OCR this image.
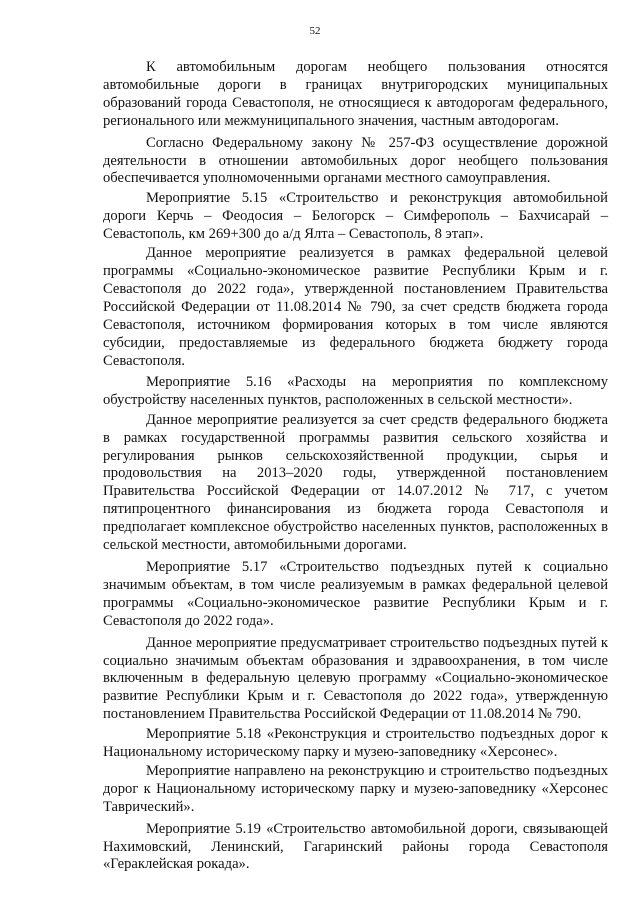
52

К автомобильным дорогам необщего пользования относятся автомобильные дороги в границах внутригородских муниципальных образований города Севастополя, не относящиеся к автодорогам федерального, регионального или межмуниципального значения, частным автодорогам.

Согласно Федеральному закону № 257-ФЗ осуществление дорожной деятельности в отношении автомобильных дорог необщего пользования обеспечивается уполномоченными органами местного самоуправления.

Мероприятие 5.15 «Строительство и реконструкция автомобильной дороги Керчь – Феодосия – Белогорск – Симферополь – Бахчисарай – Севастополь, км 269+300 до а/д Ялта – Севастополь, 8 этап».

Данное мероприятие реализуется в рамках федеральной целевой программы «Социально-экономическое развитие Республики Крым и г. Севастополя до 2022 года», утвержденной постановлением Правительства Российской Федерации от 11.08.2014 № 790, за счет средств бюджета города Севастополя, источником формирования которых в том числе являются субсидии, предоставляемые из федерального бюджета бюджету города Севастополя.

Мероприятие 5.16 «Расходы на мероприятия по комплексному обустройству населенных пунктов, расположенных в сельской местности».

Данное мероприятие реализуется за счет средств федерального бюджета в рамках государственной программы развития сельского хозяйства и регулирования рынков сельскохозяйственной продукции, сырья и продовольствия на 2013–2020 годы, утвержденной постановлением Правительства Российской Федерации от 14.07.2012 № 717, с учетом пятипроцентного финансирования из бюджета города Севастополя и предполагает комплексное обустройство населенных пунктов, расположенных в сельской местности, автомобильными дорогами.

Мероприятие 5.17 «Строительство подъездных путей к социально значимым объектам, в том числе реализуемым в рамках федеральной целевой программы «Социально-экономическое развитие Республики Крым и г. Севастополя до 2022 года».

Данное мероприятие предусматривает строительство подъездных путей к социально значимым объектам образования и здравоохранения, в том числе включенным в федеральную целевую программу «Социально-экономическое развитие Республики Крым и г. Севастополя до 2022 года», утвержденную постановлением Правительства Российской Федерации от 11.08.2014 № 790.

Мероприятие 5.18 «Реконструкция и строительство подъездных дорог к Национальному историческому парку и музею-заповеднику «Херсонес».

Мероприятие направлено на реконструкцию и строительство подъездных дорог к Национальному историческому парку и музею-заповеднику «Херсонес Таврический».

Мероприятие 5.19 «Строительство автомобильной дороги, связывающей Нахимовский, Ленинский, Гагаринский районы города Севастополя «Гераклейская рокада».
